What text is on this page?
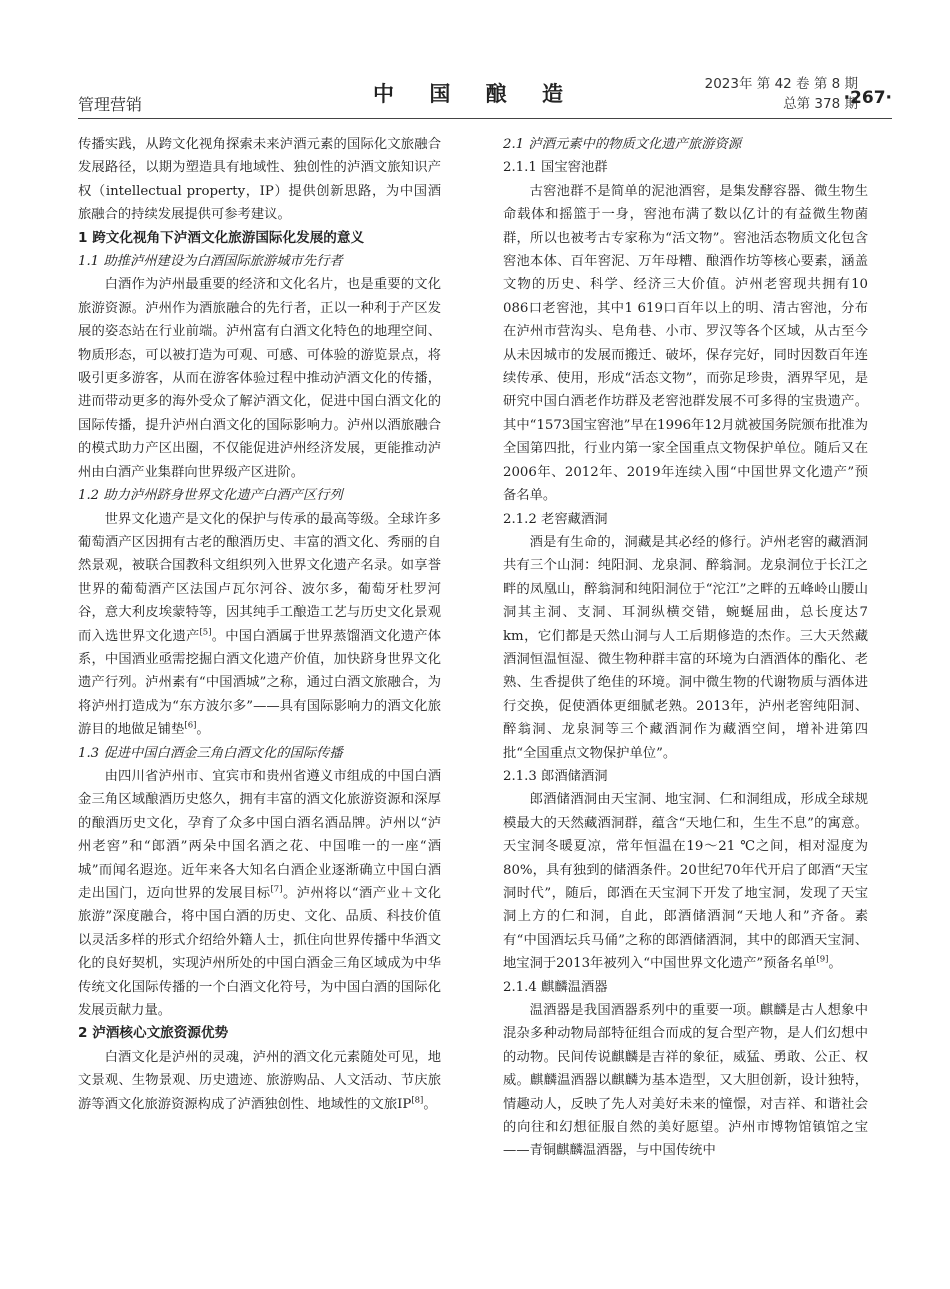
管理营销	中 国 酿 造	2023年 第 42 卷 第 8 期
总第 378 期
·267·

传播实践，从跨文化视角探索未来泸酒元素的国际化文旅融合发展路径，以期为塑造具有地域性、独创性的泸酒文旅知识产权（intellectual property，IP）提供创新思路，为中国酒旅融合的持续发展提供可参考建议。

1 跨文化视角下泸酒文化旅游国际化发展的意义
1.1 助推泸州建设为白酒国际旅游城市先行者

白酒作为泸州最重要的经济和文化名片，也是重要的文化旅游资源。泸州作为酒旅融合的先行者，正以一种利于产区发展的姿态站在行业前端。泸州富有白酒文化特色的地理空间、物质形态，可以被打造为可观、可感、可体验的游览景点，将吸引更多游客，从而在游客体验过程中推动泸酒文化的传播，进而带动更多的海外受众了解泸酒文化，促进中国白酒文化的国际传播，提升泸州白酒文化的国际影响力。泸州以酒旅融合的模式助力产区出圈，不仅能促进泸州经济发展，更能推动泸州由白酒产业集群向世界级产区进阶。

1.2 助力泸州跻身世界文化遗产白酒产区行列

世界文化遗产是文化的保护与传承的最高等级。全球许多葡萄酒产区因拥有古老的酿酒历史、丰富的酒文化、秀丽的自然景观，被联合国教科文组织列入世界文化遗产名录。如享誉世界的葡萄酒产区法国卢瓦尔河谷、波尔多，葡萄牙杜罗河谷，意大利皮埃蒙特等，因其纯手工酿造工艺与历史文化景观而入选世界文化遗产[5]。中国白酒属于世界蒸馏酒文化遗产体系，中国酒业亟需挖掘白酒文化遗产价值，加快跻身世界文化遗产行列。泸州素有“中国酒城”之称，通过白酒文旅融合，为将泸州打造成为“东方波尔多”——具有国际影响力的酒文化旅游目的地做足铺垫[6]。

1.3 促进中国白酒金三角白酒文化的国际传播

由四川省泸州市、宜宾市和贵州省遵义市组成的中国白酒金三角区域酿酒历史悠久，拥有丰富的酒文化旅游资源和深厚的酿酒历史文化，孕育了众多中国白酒名酒品牌。泸州以“泸州老窖”和“郎酒”两朵中国名酒之花、中国唯一的一座“酒城”而闻名遐迩。近年来各大知名白酒企业逐渐确立中国白酒走出国门，迈向世界的发展目标[7]。泸州将以“酒产业＋文化旅游”深度融合，将中国白酒的历史、文化、品质、科技价值以灵活多样的形式介绍给外籍人士，抓住向世界传播中华酒文化的良好契机，实现泸州所处的中国白酒金三角区域成为中华传统文化国际传播的一个白酒文化符号，为中国白酒的国际化发展贡献力量。

2 泸酒核心文旅资源优势

白酒文化是泸州的灵魂，泸州的酒文化元素随处可见，地文景观、生物景观、历史遗迹、旅游购品、人文活动、节庆旅游等酒文化旅游资源构成了泸酒独创性、地域性的文旅IP[8]。

2.1 泸酒元素中的物质文化遗产旅游资源
2.1.1 国宝窖池群

古窖池群不是简单的泥池酒窖，是集发酵容器、微生物生命载体和摇篮于一身，窖池布满了数以亿计的有益微生物菌群，所以也被考古专家称为“活文物”。窖池活态物质文化包含窖池本体、百年窖泥、万年母糟、酿酒作坊等核心要素，涵盖文物的历史、科学、经济三大价值。泸州老窖现共拥有10 086口老窖池，其中1 619口百年以上的明、清古窖池，分布在泸州市营沟头、皂角巷、小市、罗汉等各个区域，从古至今从未因城市的发展而搬迁、破坏，保存完好，同时因数百年连续传承、使用，形成“活态文物”，而弥足珍贵，酒界罕见，是研究中国白酒老作坊群及老窖池群发展不可多得的宝贵遗产。其中“1573国宝窖池”早在1996年12月就被国务院颁布批准为全国第四批，行业内第一家全国重点文物保护单位。随后又在2006年、2012年、2019年连续入围“中国世界文化遗产”预备名单。

2.1.2 老窖藏酒洞

酒是有生命的，洞藏是其必经的修行。泸州老窖的藏酒洞共有三个山洞：纯阳洞、龙泉洞、醉翁洞。龙泉洞位于长江之畔的凤凰山，醉翁洞和纯阳洞位于“沱江”之畔的五峰岭山腰山洞其主洞、支洞、耳洞纵横交错，蜿蜒屈曲，总长度达7 km，它们都是天然山洞与人工后期修造的杰作。三大天然藏酒洞恒温恒湿、微生物种群丰富的环境为白酒酒体的酯化、老熟、生香提供了绝佳的环境。洞中微生物的代谢物质与酒体进行交换，促使酒体更细腻老熟。2013年，泸州老窖纯阳洞、醉翁洞、龙泉洞等三个藏酒洞作为藏酒空间，增补进第四批“全国重点文物保护单位”。

2.1.3 郎酒储酒洞

郎酒储酒洞由天宝洞、地宝洞、仁和洞组成，形成全球规模最大的天然藏酒洞群，蕴含“天地仁和，生生不息”的寓意。天宝洞冬暖夏凉，常年恒温在19～21 ℃之间，相对湿度为80%，具有独到的储酒条件。20世纪70年代开启了郎酒“天宝洞时代”，随后，郎酒在天宝洞下开发了地宝洞，发现了天宝洞上方的仁和洞，自此，郎酒储酒洞“天地人和”齐备。素有“中国酒坛兵马俑”之称的郎酒储酒洞，其中的郎酒天宝洞、地宝洞于2013年被列入“中国世界文化遗产”预备名单[9]。

2.1.4 麒麟温酒器

温酒器是我国酒器系列中的重要一项。麒麟是古人想象中混杂多种动物局部特征组合而成的复合型产物，是人们幻想中的动物。民间传说麒麟是吉祥的象征，威猛、勇敢、公正、权威。麒麟温酒器以麒麟为基本造型，又大胆创新，设计独特，情趣动人，反映了先人对美好未来的憧憬，对吉祥、和谐社会的向往和幻想征服自然的美好愿望。泸州市博物馆镇馆之宝——青铜麒麟温酒器，与中国传统中
